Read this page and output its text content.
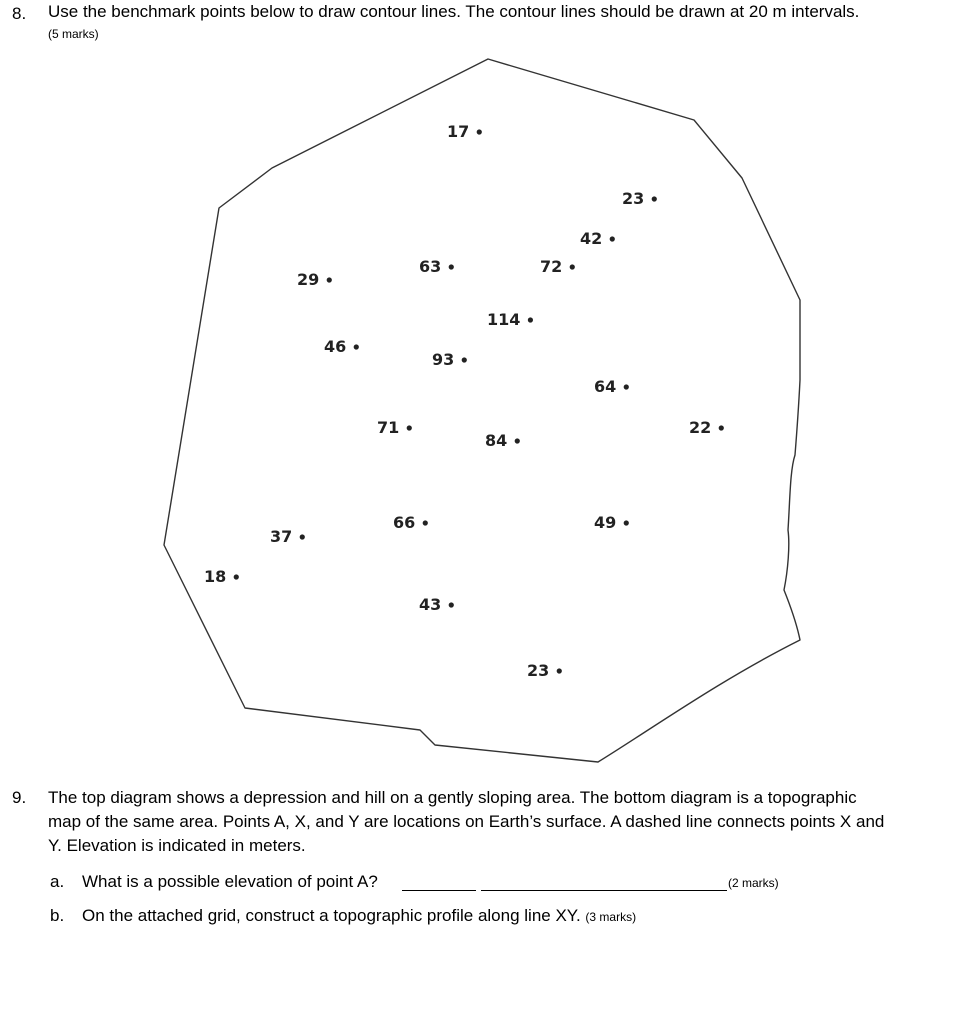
8. Use the benchmark points below to draw contour lines. The contour lines should be drawn at 20 m intervals.
(5 marks)
17
23
42
63	72
29
114
46
93
64
71
84
22
66	49
37
18
43
23
9. The top diagram shows a depression and hill on a gently sloping area. The bottom diagram is a topographic
map of the same area. Points A, X, and Y are locations on Earth’s surface. A dashed line connects points X and
Y. Elevation is indicated in meters.
a. What is a possible elevation of point A?	(2 marks)
b. On the attached grid, construct a topographic profile along line XY. (3 marks)
